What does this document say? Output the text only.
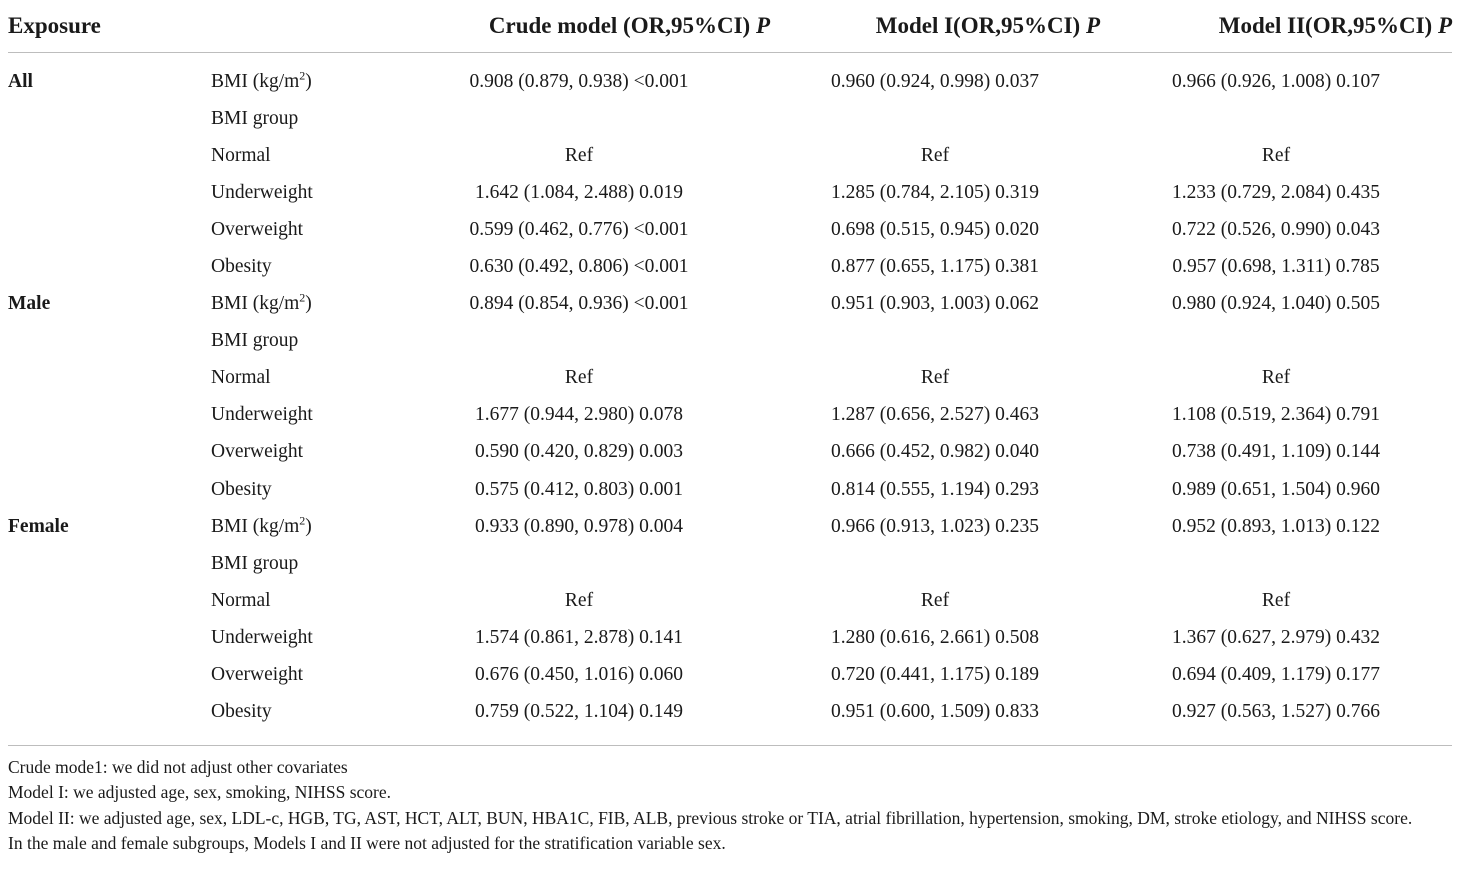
Exposure		Crude model (OR,95%CI) P	Model I(OR,95%CI) P	Model II(OR,95%CI) P
All	BMI $(kg/m^2)$	0.908 (0.879, 0.938) <0.001	0.960 (0.924, 0.998) 0.037	0.966 (0.926, 1.008) 0.107
	BMI group			
	Normal	Ref	Ref	Ref
	Underweight	1.642 (1.084, 2.488) 0.019	1.285 (0.784, 2.105) 0.319	1.233 (0.729, 2.084) 0.435
	Overweight	0.599 (0.462, 0.776) <0.001	0.698 (0.515, 0.945) 0.020	0.722 (0.526, 0.990) 0.043
	Obesity	0.630 (0.492, 0.806) <0.001	0.877 (0.655, 1.175) 0.381	0.957 (0.698, 1.311) 0.785
Male	BMI $(kg/m^2)$	0.894 (0.854, 0.936) <0.001	0.951 (0.903, 1.003) 0.062	0.980 (0.924, 1.040) 0.505
	BMI group			
	Normal	Ref	Ref	Ref
	Underweight	1.677 (0.944, 2.980) 0.078	1.287 (0.656, 2.527) 0.463	1.108 (0.519, 2.364) 0.791
	Overweight	0.590 (0.420, 0.829) 0.003	0.666 (0.452, 0.982) 0.040	0.738 (0.491, 1.109) 0.144
	Obesity	0.575 (0.412, 0.803) 0.001	0.814 (0.555, 1.194) 0.293	0.989 (0.651, 1.504) 0.960
Female	BMI $(kg/m^2)$	0.933 (0.890, 0.978) 0.004	0.966 (0.913, 1.023) 0.235	0.952 (0.893, 1.013) 0.122
	BMI group			
	Normal	Ref	Ref	Ref
	Underweight	1.574 (0.861, 2.878) 0.141	1.280 (0.616, 2.661) 0.508	1.367 (0.627, 2.979) 0.432
	Overweight	0.676 (0.450, 1.016) 0.060	0.720 (0.441, 1.175) 0.189	0.694 (0.409, 1.179) 0.177
	Obesity	0.759 (0.522, 1.104) 0.149	0.951 (0.600, 1.509) 0.833	0.927 (0.563, 1.527) 0.766

Crude mode1: we did not adjust other covariates

Model I: we adjusted age, sex, smoking, NIHSS score.

Model II: we adjusted age, sex, LDL-c, HGB, TG, AST, HCT, ALT, BUN, HBA1C, FIB, ALB, previous stroke or TIA, atrial fibrillation, hypertension, smoking, DM, stroke etiology, and NIHSS score.

In the male and female subgroups, Models I and II were not adjusted for the stratification variable sex.
